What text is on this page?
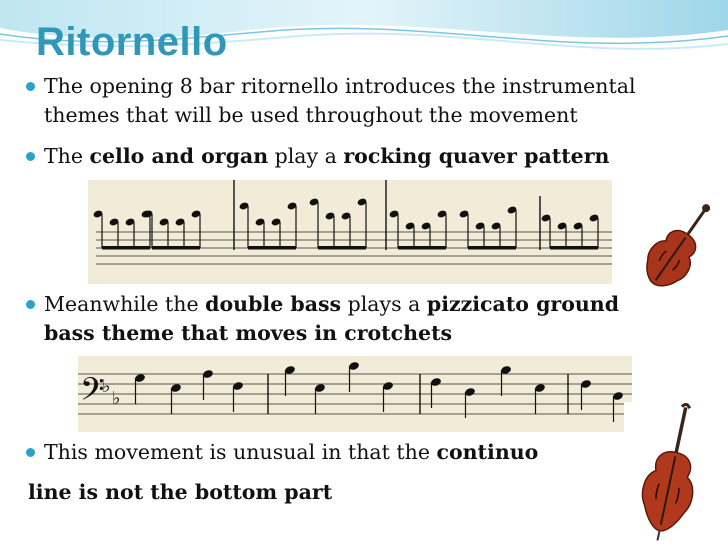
Ritornello
The opening 8 bar ritornello introduces the instrumental
themes that will be used throughout the movement
The cello and organ play a rocking quaver pattern
Meanwhile the double bass plays a pizzicato ground
bass theme that moves in crotchets
𝄢
♭
♭
This movement is unusual in that the continuo
line is not the bottom part
